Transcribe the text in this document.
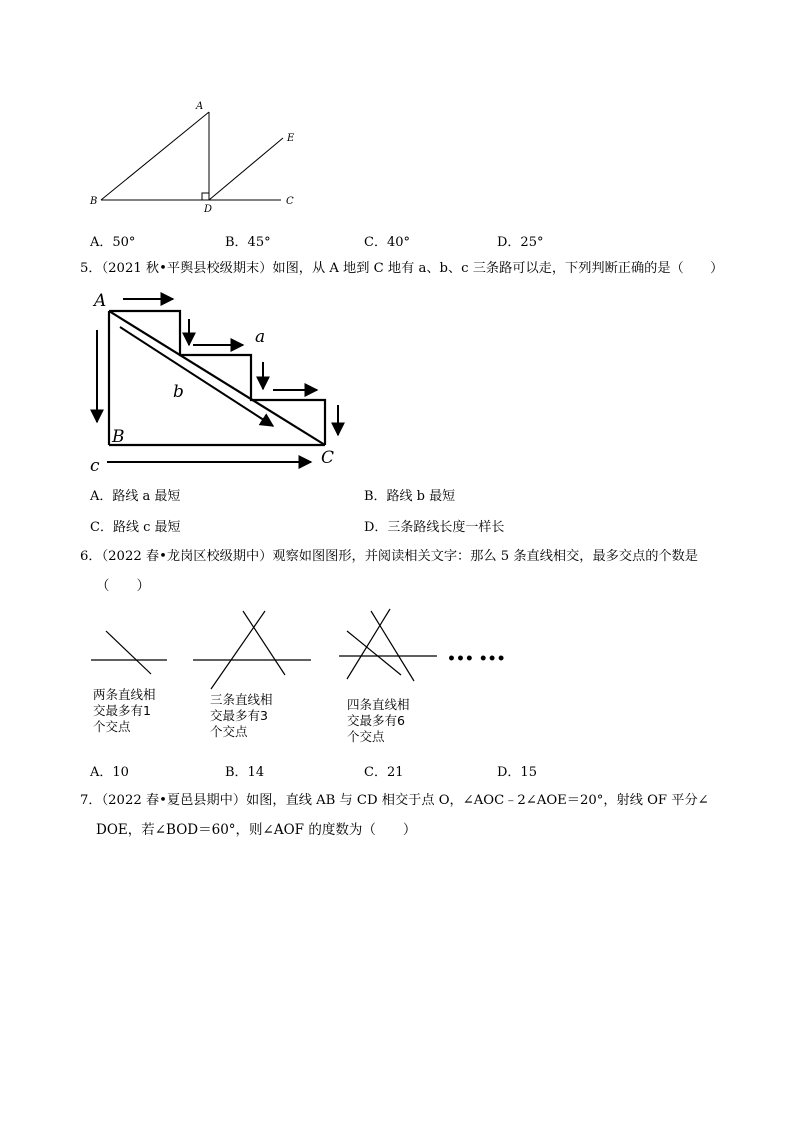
A
B
D
C
E
A．50°	B．45°	C．40°	D．25°
5．（2021 秋•平舆县校级期末）如图，从 A 地到 C 地有 a、b、c 三条路可以走，下列判断正确的是（　　）
A
B
C
a
b
c
A．路线 a 最短	B．路线 b 最短
C．路线 c 最短	D．三条路线长度一样长
6．（2022 春•龙岗区校级期中）观察如图图形，并阅读相关文字：那么 5 条直线相交，最多交点的个数是
（　　）
••• •••
两条直线相
交最多有1
个交点
三条直线相
交最多有3
个交点
四条直线相
交最多有6
个交点
A．10	B．14	C．21	D．15
7．（2022 春•夏邑县期中）如图，直线 AB 与 CD 相交于点 O，∠AOC﹣2∠AOE＝20°，射线 OF 平分∠
DOE，若∠BOD＝60°，则∠AOF 的度数为（　　）
